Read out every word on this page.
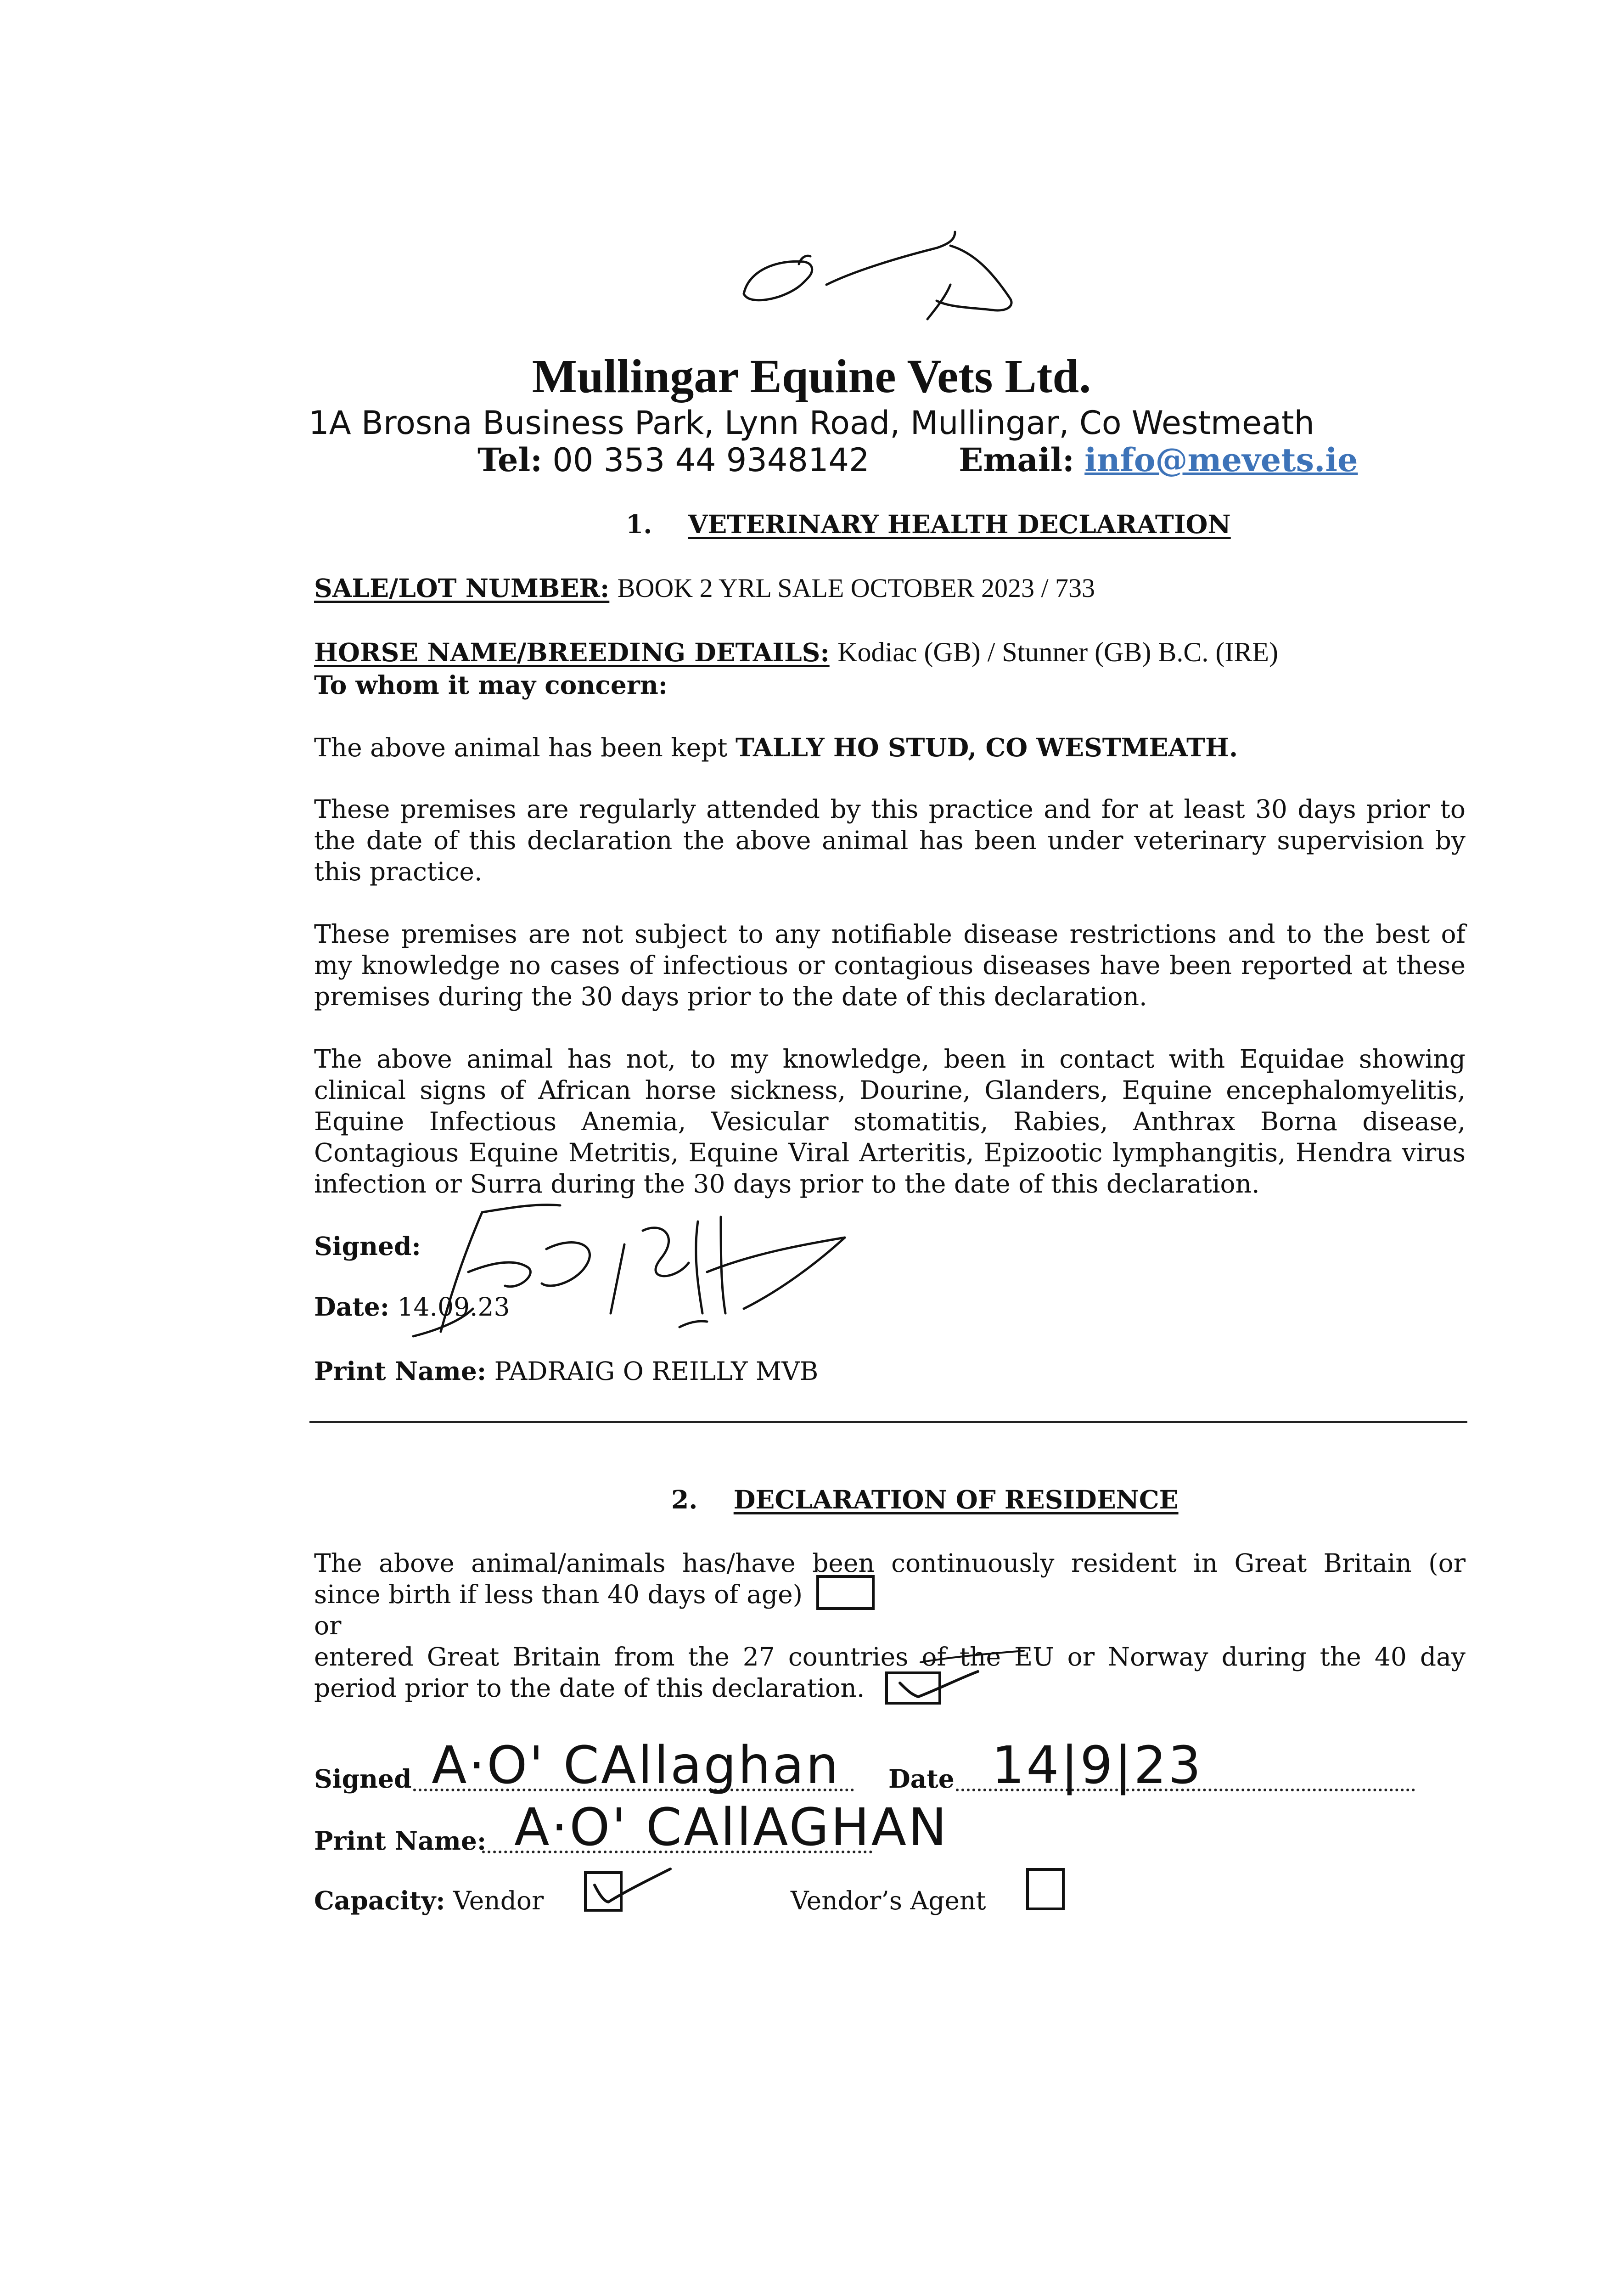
Mullingar Equine Vets Ltd.
1A Brosna Business Park, Lynn Road, Mullingar, Co Westmeath
Tel: 00 353 44 9348142	Email: info@mevets.ie
1. VETERINARY HEALTH DECLARATION
SALE/LOT NUMBER: BOOK 2 YRL SALE OCTOBER 2023 / 733
HORSE NAME/BREEDING DETAILS: Kodiac (GB) / Stunner (GB) B.C. (IRE)
To whom it may concern:
The above animal has been kept TALLY HO STUD, CO WESTMEATH.
These premises are regularly attended by this practice and for at least 30 days prior to
the date of this declaration the above animal has been under veterinary supervision by
this practice.
These premises are not subject to any notifiable disease restrictions and to the best of
my knowledge no cases of infectious or contagious diseases have been reported at these
premises during the 30 days prior to the date of this declaration.
The above animal has not, to my knowledge, been in contact with Equidae showing
clinical signs of African horse sickness, Dourine, Glanders, Equine encephalomyelitis,
Equine Infectious Anemia, Vesicular stomatitis, Rabies, Anthrax Borna disease,
Contagious Equine Metritis, Equine Viral Arteritis, Epizootic lymphangitis, Hendra virus
infection or Surra during the 30 days prior to the date of this declaration.
Signed:
Date: 14.09.23
Print Name: PADRAIG O REILLY MVB
2. DECLARATION OF RESIDENCE
The above animal/animals has/have been continuously resident in Great Britain (or
since birth if less than 40 days of age)
or
entered Great Britain from the 27 countries of the EU or Norway during the 40 day
period prior to the date of this declaration.
Signed A·O' CAllaghan Date 14|9|23
Print Name: A·O' CAllAGHAN
Capacity: Vendor	Vendor’s Agent
